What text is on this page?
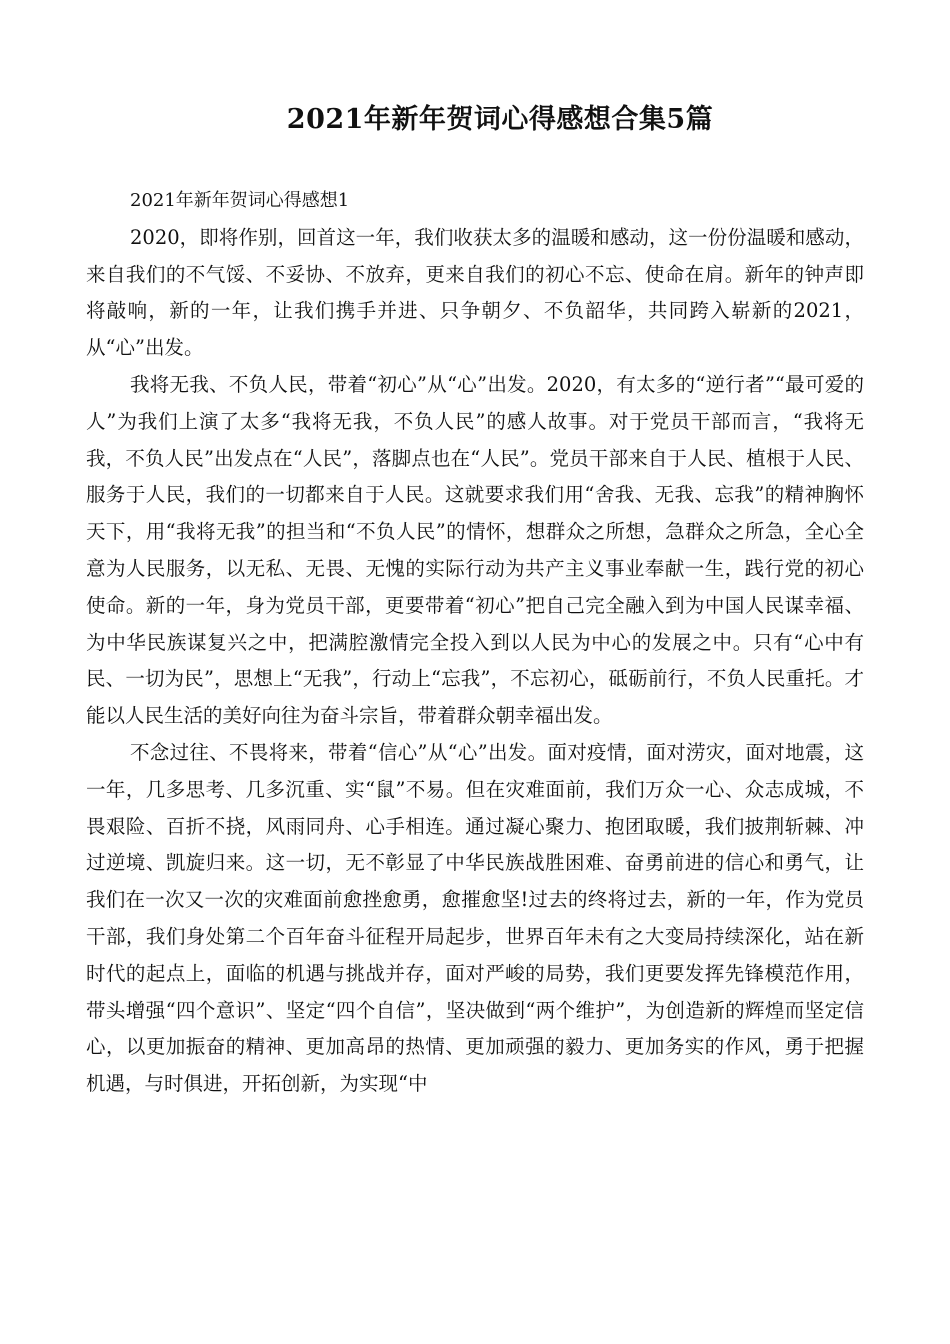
2021年新年贺词心得感想合集5篇

2021年新年贺词心得感想1

2020，即将作别，回首这一年，我们收获太多的温暖和感动，这一份份温暖和感动，来自我们的不气馁、不妥协、不放弃，更来自我们的初心不忘、使命在肩。新年的钟声即将敲响，新的一年，让我们携手并进、只争朝夕、不负韶华，共同跨入崭新的2021，从“心”出发。

我将无我、不负人民，带着“初心”从“心”出发。2020，有太多的“逆行者”“最可爱的人”为我们上演了太多“我将无我，不负人民”的感人故事。对于党员干部而言，“我将无我，不负人民”出发点在“人民”，落脚点也在“人民”。党员干部来自于人民、植根于人民、服务于人民，我们的一切都来自于人民。这就要求我们用“舍我、无我、忘我”的精神胸怀天下，用“我将无我”的担当和“不负人民”的情怀，想群众之所想，急群众之所急，全心全意为人民服务，以无私、无畏、无愧的实际行动为共产主义事业奉献一生，践行党的初心使命。新的一年，身为党员干部，更要带着“初心”把自己完全融入到为中国人民谋幸福、为中华民族谋复兴之中，把满腔激情完全投入到以人民为中心的发展之中。只有“心中有民、一切为民”，思想上“无我”，行动上“忘我”，不忘初心，砥砺前行，不负人民重托。才能以人民生活的美好向往为奋斗宗旨，带着群众朝幸福出发。

不念过往、不畏将来，带着“信心”从“心”出发。面对疫情，面对涝灾，面对地震，这一年，几多思考、几多沉重、实“鼠”不易。但在灾难面前，我们万众一心、众志成城，不畏艰险、百折不挠，风雨同舟、心手相连。通过凝心聚力、抱团取暖，我们披荆斩棘、冲过逆境、凯旋归来。这一切，无不彰显了中华民族战胜困难、奋勇前进的信心和勇气，让我们在一次又一次的灾难面前愈挫愈勇，愈摧愈坚!过去的终将过去，新的一年，作为党员干部，我们身处第二个百年奋斗征程开局起步，世界百年未有之大变局持续深化，站在新时代的起点上，面临的机遇与挑战并存，面对严峻的局势，我们更要发挥先锋模范作用，带头增强“四个意识”、坚定“四个自信”，坚决做到“两个维护”，为创造新的辉煌而坚定信心，以更加振奋的精神、更加高昂的热情、更加顽强的毅力、更加务实的作风，勇于把握机遇，与时俱进，开拓创新，为实现“中
